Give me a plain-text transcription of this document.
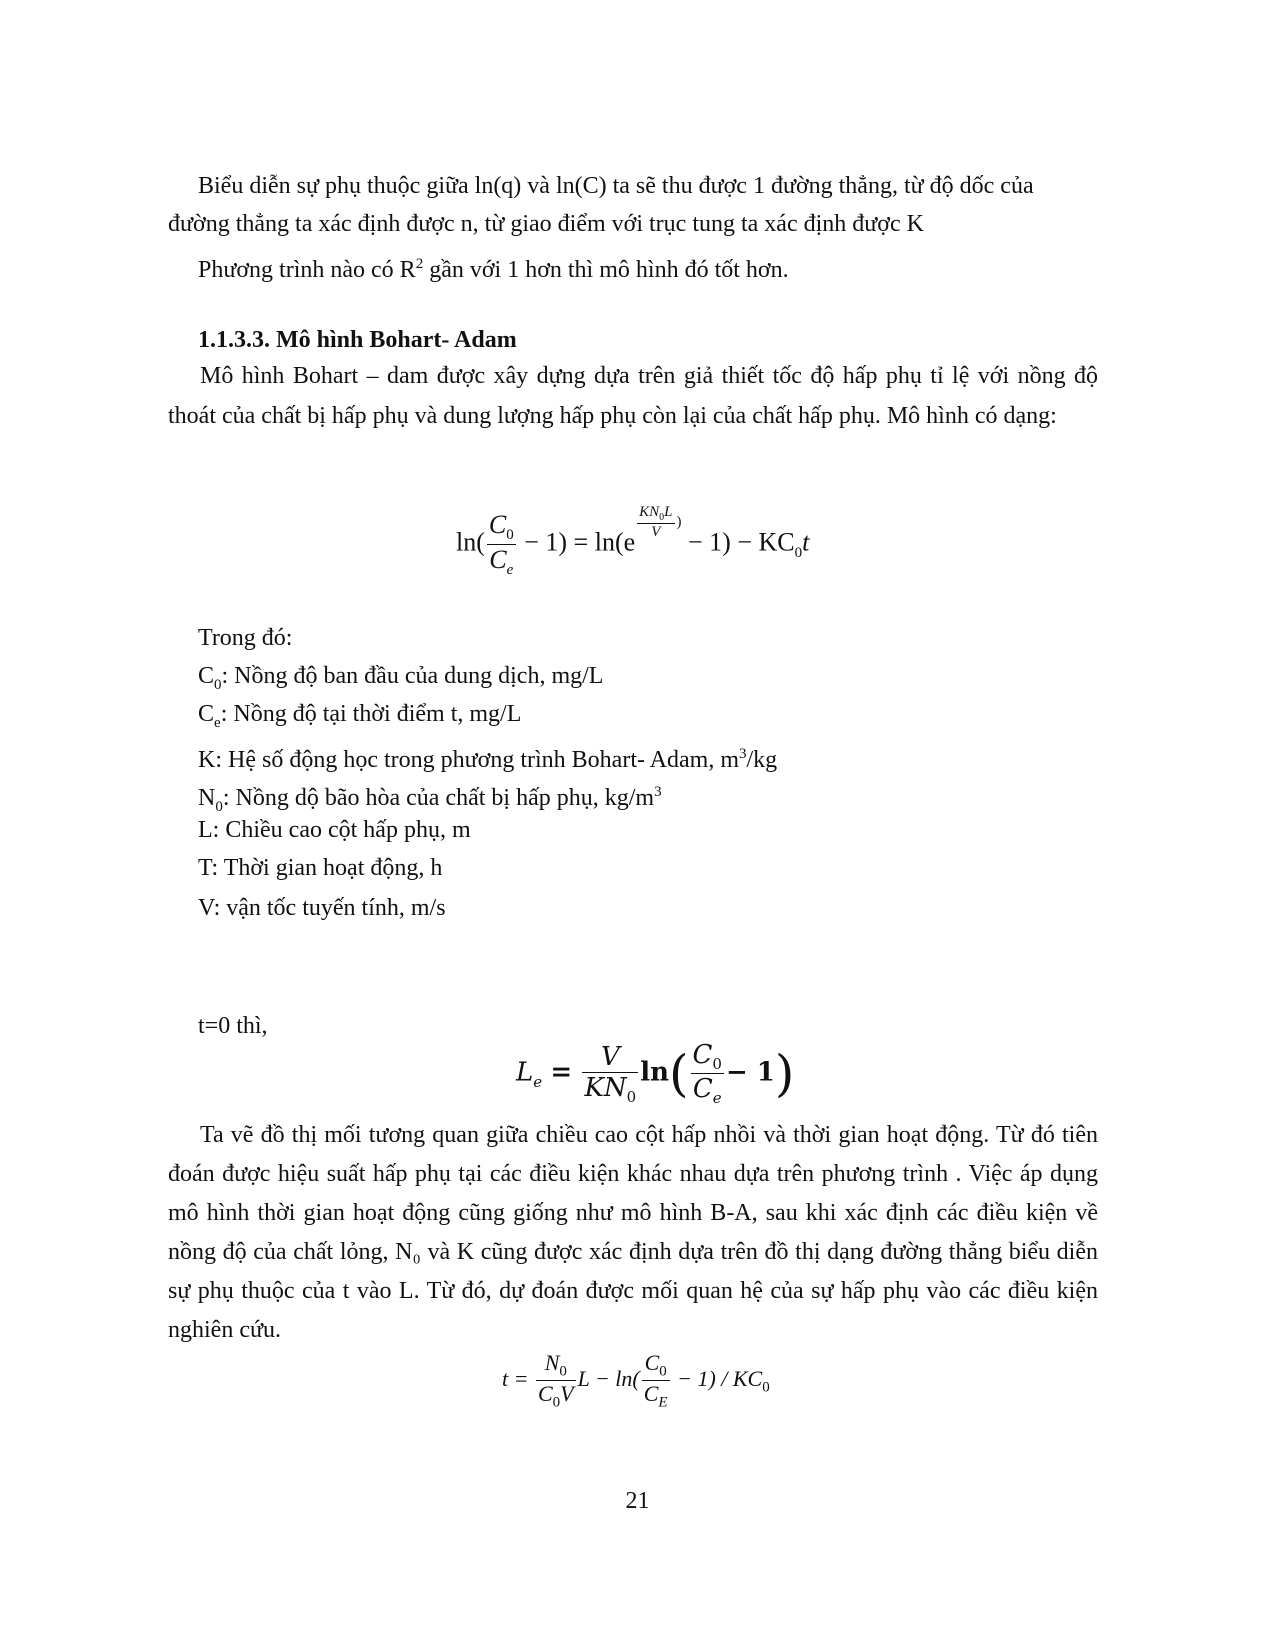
Biểu diễn sự phụ thuộc giữa ln(q) và ln(C) ta sẽ thu được 1 đường thẳng, từ độ dốc của
đường thẳng ta xác định được n, từ giao điểm với trục tung ta xác định được K
Phương trình nào có $R^2$ gần với 1 hơn thì mô hình đó tốt hơn.
1.1.3.3. Mô hình Bohart- Adam

Mô hình Bohart – dam được xây dựng dựa trên giả thiết tốc độ hấp phụ tỉ lệ với nồng độ thoát của chất bị hấp phụ và dung lượng hấp phụ còn lại của chất hấp phụ. Mô hình có dạng:

$\ln( \frac{C_0}{C_e} - 1) = \ln(e$
$\frac{KN_0L}{V}$ ) − $1) - KC_0t$
Trong đó:
$C_0$: Nồng độ ban đầu của dung dịch, mg/L
$C_e$: Nồng độ tại thời điểm t, mg/L
K: Hệ số động học trong phương trình Bohart- Adam, $m^3/kg$
$N_0$: Nồng dộ bão hòa của chất bị hấp phụ, $kg/m^3$
L: Chiều cao cột hấp phụ, m
T: Thời gian hoạt động, h
V: vận tốc tuyến tính, m/s
t=0 thì,
$L_e = \frac{V}{KN_0} \ln( \frac{C_0}{C_e} - 1)$

Ta vẽ đồ thị mối tương quan giữa chiều cao cột hấp nhồi và thời gian hoạt động. Từ đó tiên đoán được hiệu suất hấp phụ tại các điều kiện khác nhau dựa trên phương trình . Việc áp dụng mô hình thời gian hoạt động cũng giống như mô hình B-A, sau khi xác định các điều kiện về nồng độ của chất lỏng, N₀ và K cũng được xác định dựa trên đồ thị dạng đường thẳng biểu diễn sự phụ thuộc của t vào L. Từ đó, dự đoán được mối quan hệ của sự hấp phụ vào các điều kiện nghiên cứu.

$t = \frac{N_0}{C_0V}$ $L - \ln( \frac{C_0}{C_E} - 1) / KC_0$
21
